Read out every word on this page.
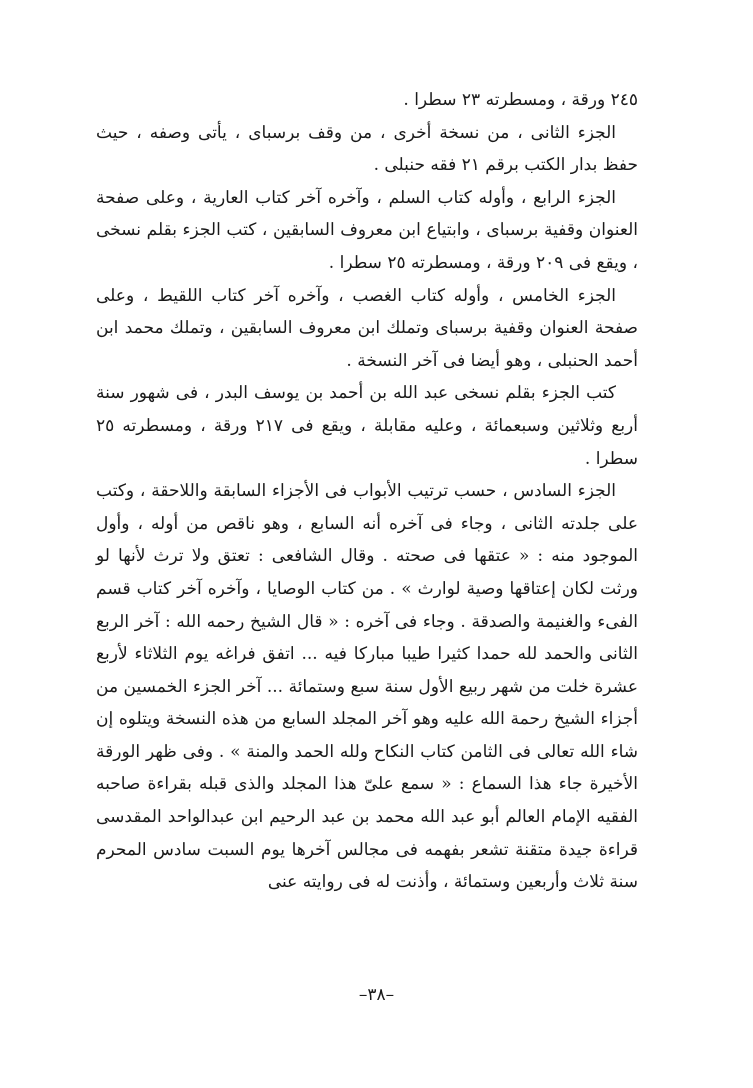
٢٤٥ ورقة ، ومسطرته ٢٣ سطرا .

الجزء الثانى ، من نسخة أخرى ، من وقف برسباى ، يأتى وصفه ، حيث حفظ بدار الكتب برقم ٢١ فقه حنبلى .

الجزء الرابع ، وأوله كتاب السلم ، وآخره آخر كتاب العارية ، وعلى صفحة العنوان وقفية برسباى ، وابتياع ابن معروف السابقين ، كتب الجزء بقلم نسخى ، ويقع فى ٢٠٩ ورقة ، ومسطرته ٢٥ سطرا .

الجزء الخامس ، وأوله كتاب الغصب ، وآخره آخر كتاب اللقيط ، وعلى صفحة العنوان وقفية برسباى وتملك ابن معروف السابقين ، وتملك محمد ابن أحمد الحنبلى ، وهو أيضا فى آخر النسخة .

كتب الجزء بقلم نسخى عبد الله بن أحمد بن يوسف البدر ، فى شهور سنة أربع وثلاثين وسبعمائة ، وعليه مقابلة ، ويقع فى ٢١٧ ورقة ، ومسطرته ٢٥ سطرا .

الجزء السادس ، حسب ترتيب الأبواب فى الأجزاء السابقة واللاحقة ، وكتب على جلدته الثانى ، وجاء فى آخره أنه السابع ، وهو ناقص من أوله ، وأول الموجود منه : « عتقها فى صحته . وقال الشافعى : تعتق ولا ترث لأنها لو ورثت لكان إعتاقها وصية لوارث » . من كتاب الوصايا ، وآخره آخر كتاب قسم الفىء والغنيمة والصدقة . وجاء فى آخره : « قال الشيخ رحمه الله : آخر الربع الثانى والحمد لله حمدا كثيرا طيبا مباركا فيه ... اتفق فراغه يوم الثلاثاء لأربع عشرة خلت من شهر ربيع الأول سنة سبع وستمائة ... آخر الجزء الخمسين من أجزاء الشيخ رحمة الله عليه وهو آخر المجلد السابع من هذه النسخة ويتلوه إن شاء الله تعالى فى الثامن كتاب النكاح ولله الحمد والمنة » . وفى ظهر الورقة الأخيرة جاء هذا السماع : « سمع علىّ هذا المجلد والذى قبله بقراءة صاحبه الفقيه الإمام العالم أبو عبد الله محمد بن عبد الرحيم ابن عبدالواحد المقدسى قراءة جيدة متقنة تشعر بفهمه فى مجالس آخرها يوم السبت سادس المحرم سنة ثلاث وأربعين وستمائة ، وأذنت له فى روايته عنى

–٣٨–
